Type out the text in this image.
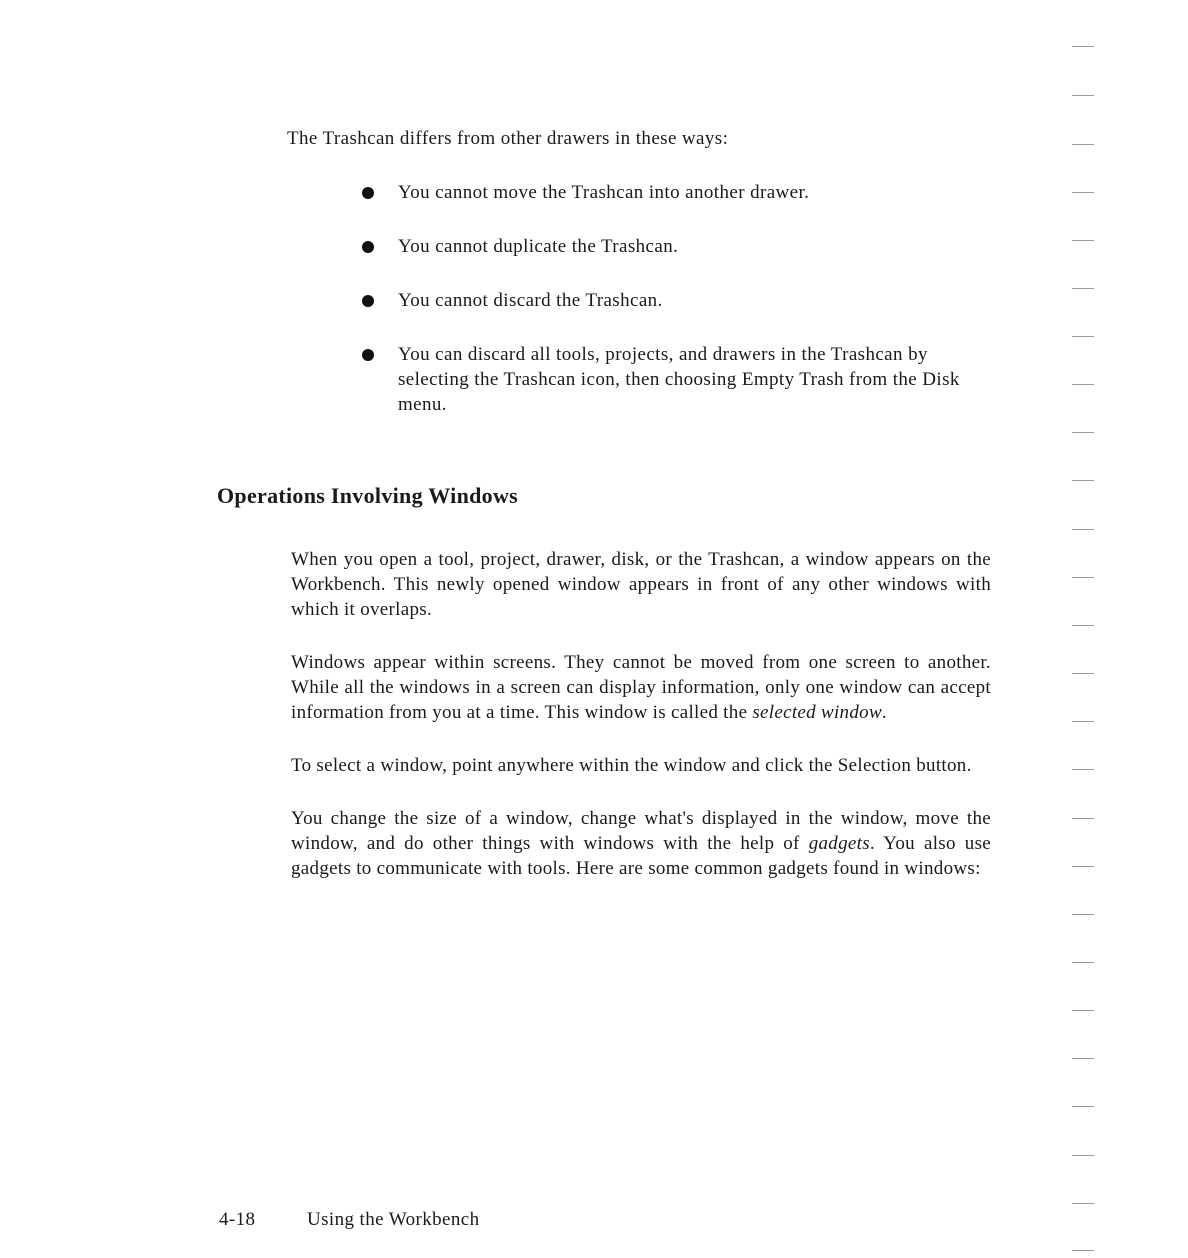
The Trashcan differs from other drawers in these ways:

You cannot move the Trashcan into another drawer.
You cannot duplicate the Trashcan.
You cannot discard the Trashcan.
You can discard all tools, projects, and drawers in the Trashcan by selecting the Trashcan icon, then choosing Empty Trash from the Disk menu.
Operations Involving Windows

When you open a tool, project, drawer, disk, or the Trashcan, a window appears on the Workbench. This newly opened window appears in front of any other windows with which it overlaps.

Windows appear within screens. They cannot be moved from one screen to another. While all the windows in a screen can display information, only one window can accept information from you at a time. This window is called the selected window.

To select a window, point anywhere within the window and click the Selection button.

You change the size of a window, change what's displayed in the window, move the window, and do other things with windows with the help of gadgets. You also use gadgets to communicate with tools. Here are some common gadgets found in windows:

4-18	Using the Workbench
